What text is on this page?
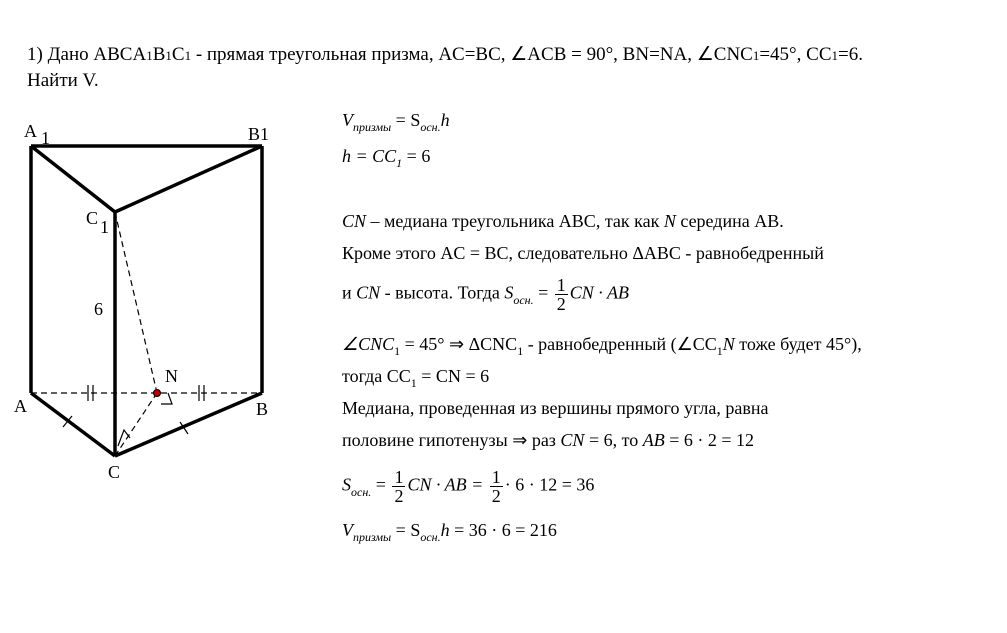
1) Дано ABCA1B1C1 - прямая треугольная призма, AC=BC, ∠ACB = 90°, BN=NA, ∠CNC1=45°, CC1=6.
Найти V.
A 1	B1
C 1
6
N
A	B
C
$V_{призмы} = S_{осн.}h$
$h = CC_1 = 6$
CN – медиана треугольника ABC, так как N середина AB.
Кроме этого AC = BC, следовательно ΔABC - равнобедренный
и CN - высота. Тогда $S_{осн.} = \frac{1}{2}$ CN · AB
$\angle CNC_1 = 45^\circ$ ⇒ $\Delta CNC_1$ - равнобедренный ($\angle CC_1N$ тоже будет 45°),
тогда $CC_1$ = CN = 6
Медиана, проведенная из вершины прямого угла, равна
половине гипотенузы ⇒ раз CN = 6, то AB = 6 · 2 = 12
$S_{осн.} = \frac{1}{2}$ CN · AB = $\frac{1}{2} \cdot 6 \cdot 12 = 36$
$V_{призмы} = S_{осн.}h = 36 \cdot 6 = 216$
